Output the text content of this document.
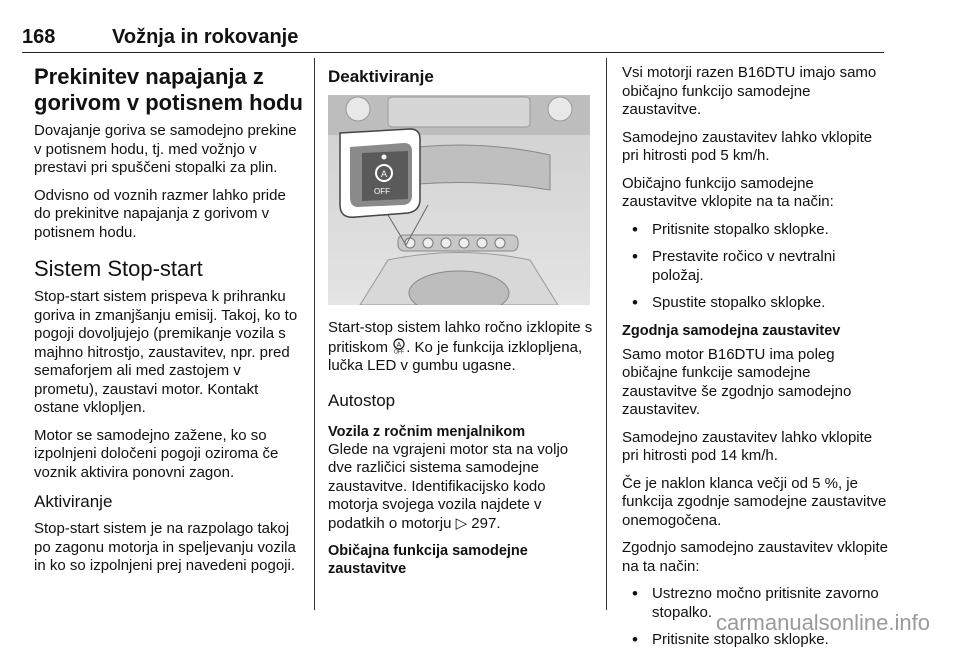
168	Vožnja in rokovanje
Prekinitev napajanja z gorivom v potisnem hodu

Dovajanje goriva se samodejno prekine v potisnem hodu, tj. med vožnjo v prestavi pri spuščeni stopalki za plin.

Odvisno od voznih razmer lahko pride do prekinitve napajanja z gorivom v potisnem hodu.

Sistem Stop-start

Stop-start sistem prispeva k prihranku goriva in zmanjšanju emisij. Takoj, ko to pogoji dovoljujejo (premikanje vozila s majhno hitrostjo, zaustavitev, npr. pred semaforjem ali med zastojem v prometu), zaustavi motor. Kontakt ostane vklopljen.

Motor se samodejno zažene, ko so izpolnjeni določeni pogoji oziroma če voznik aktivira ponovni zagon.

Aktiviranje

Stop-start sistem je na razpolago takoj po zagonu motorja in speljevanju vozila in ko so izpolnjeni prej navedeni pogoji.

Deaktiviranje
A
OFF

Start-stop sistem lahko ročno izklopite s pritiskom A
OFF . Ko je funkcija izklopljena, lučka LED v gumbu ugasne.

Autostop
Vozila z ročnim menjalnikom

Glede na vgrajeni motor sta na voljo dve različici sistema samodejne zaustavitve. Identifikacijsko kodo motorja svojega vozila najdete v podatkih o motorju ▷ 297.

Običajna funkcija samodejne zaustavitve

Vsi motorji razen B16DTU imajo samo običajno funkcijo samodejne zaustavitve.

Samodejno zaustavitev lahko vklopite pri hitrosti pod 5 km/h.

Običajno funkcijo samodejne zaustavitve vklopite na ta način:

• Pritisnite stopalko sklopke.
• Prestavite ročico v nevtralni položaj.
• Spustite stopalko sklopke.
Zgodnja samodejna zaustavitev

Samo motor B16DTU ima poleg običajne funkcije samodejne zaustavitve še zgodnjo samodejno zaustavitev.

Samodejno zaustavitev lahko vklopite pri hitrosti pod 14 km/h.

Če je naklon klanca večji od 5 %, je funkcija zgodnje samodejne zaustavitve onemogočena.

Zgodnjo samodejno zaustavitev vklopite na ta način:

• Ustrezno močno pritisnite zavorno stopalko.
• Pritisnite stopalko sklopke.
carmanualsonline.info
